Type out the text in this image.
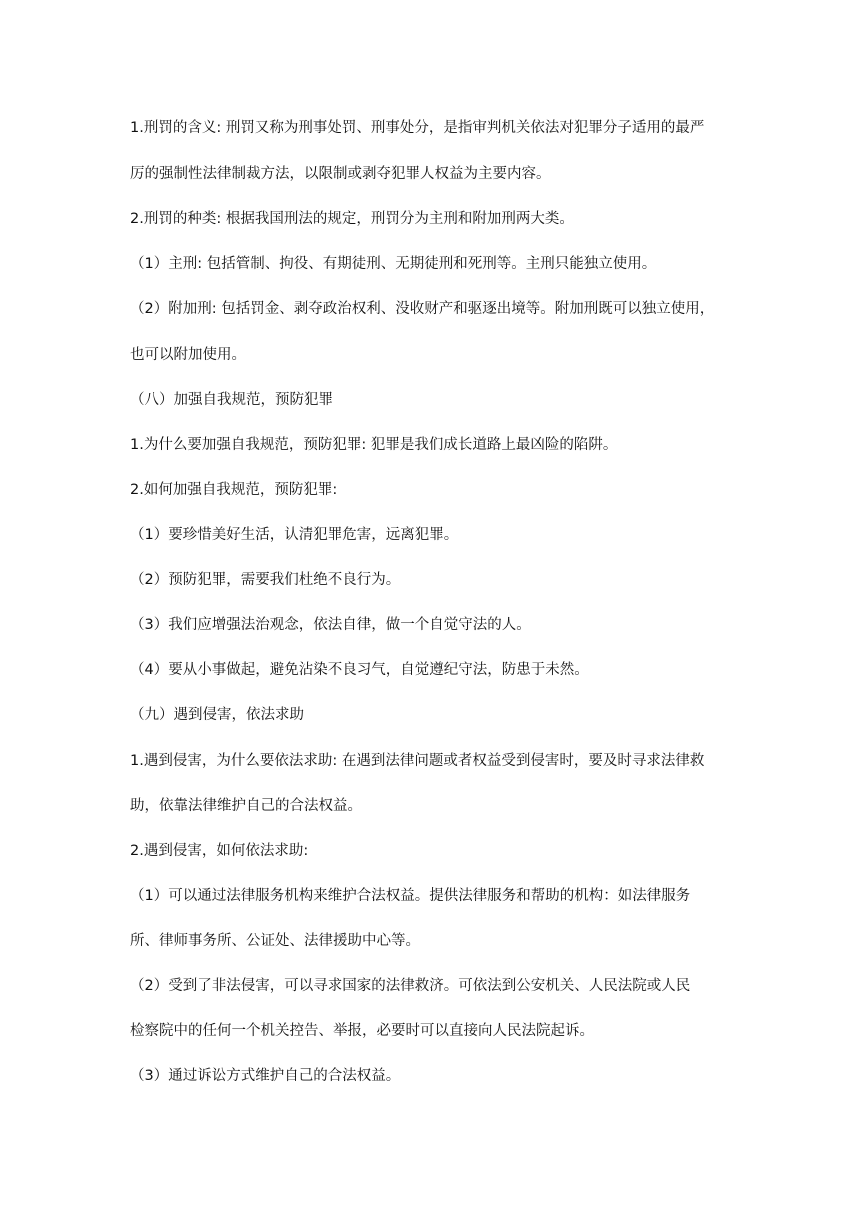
1.刑罚的含义: 刑罚又称为刑事处罚、刑事处分，是指审判机关依法对犯罪分子适用的最严
厉的强制性法律制裁方法，以限制或剥夺犯罪人权益为主要内容。
2.刑罚的种类: 根据我国刑法的规定，刑罚分为主刑和附加刑两大类。
（1）主刑: 包括管制、拘役、有期徒刑、无期徒刑和死刑等。主刑只能独立使用。
（2）附加刑: 包括罚金、剥夺政治权利、没收财产和驱逐出境等。附加刑既可以独立使用，
也可以附加使用。
（八）加强自我规范，预防犯罪
1.为什么要加强自我规范，预防犯罪: 犯罪是我们成长道路上最凶险的陷阱。
2.如何加强自我规范，预防犯罪:
（1）要珍惜美好生活，认清犯罪危害，远离犯罪。
（2）预防犯罪，需要我们杜绝不良行为。
（3）我们应增强法治观念，依法自律，做一个自觉守法的人。
（4）要从小事做起，避免沾染不良习气，自觉遵纪守法，防患于未然。
（九）遇到侵害，依法求助
1.遇到侵害，为什么要依法求助: 在遇到法律问题或者权益受到侵害时，要及时寻求法律救
助，依靠法律维护自己的合法权益。
2.遇到侵害，如何依法求助:
（1）可以通过法律服务机构来维护合法权益。提供法律服务和帮助的机构：如法律服务
所、律师事务所、公证处、法律援助中心等。
（2）受到了非法侵害，可以寻求国家的法律救济。可依法到公安机关、人民法院或人民
检察院中的任何一个机关控告、举报，必要时可以直接向人民法院起诉。
（3）通过诉讼方式维护自己的合法权益。
